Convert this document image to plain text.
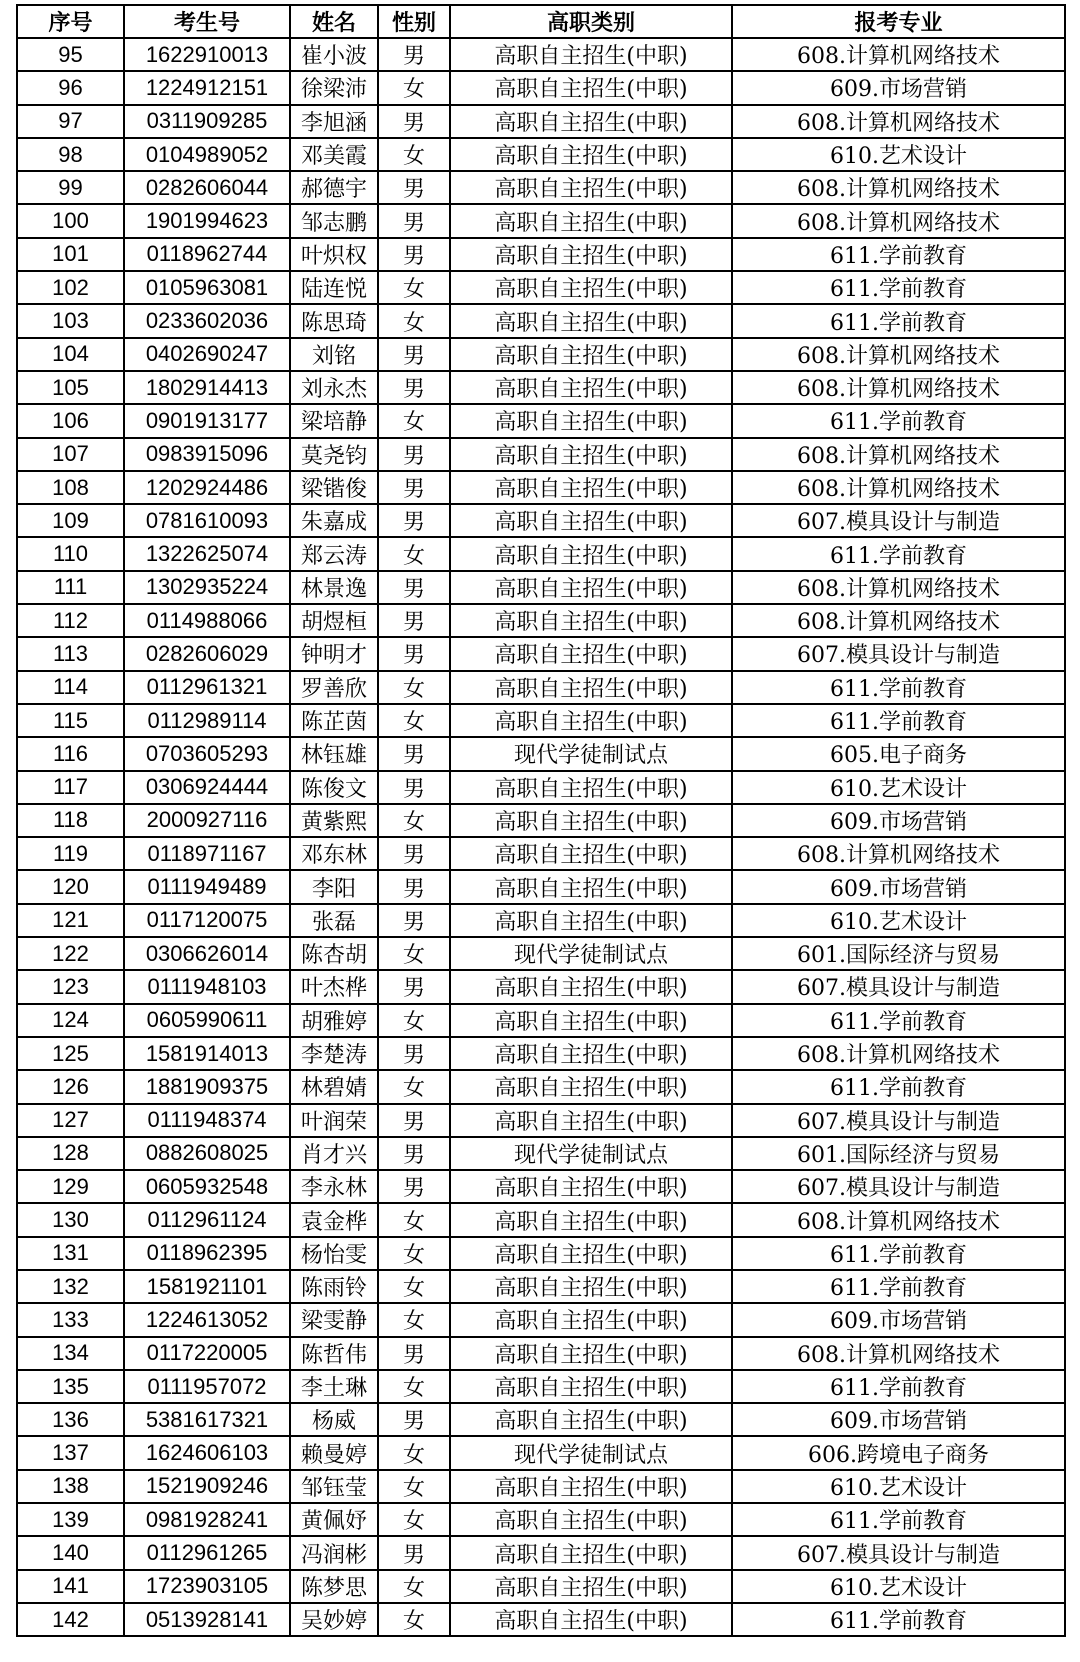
序号	考生号	姓名	性别	高职类别	报考专业
95	1622910013	崔小波	男	高职自主招生(中职)	608.计算机网络技术
96	1224912151	徐梁沛	女	高职自主招生(中职)	609.市场营销
97	0311909285	李旭涵	男	高职自主招生(中职)	608.计算机网络技术
98	0104989052	邓美霞	女	高职自主招生(中职)	610.艺术设计
99	0282606044	郝德宇	男	高职自主招生(中职)	608.计算机网络技术
100	1901994623	邹志鹏	男	高职自主招生(中职)	608.计算机网络技术
101	0118962744	叶炽权	男	高职自主招生(中职)	611.学前教育
102	0105963081	陆连悦	女	高职自主招生(中职)	611.学前教育
103	0233602036	陈思琦	女	高职自主招生(中职)	611.学前教育
104	0402690247	刘铭	男	高职自主招生(中职)	608.计算机网络技术
105	1802914413	刘永杰	男	高职自主招生(中职)	608.计算机网络技术
106	0901913177	梁培静	女	高职自主招生(中职)	611.学前教育
107	0983915096	莫尧钧	男	高职自主招生(中职)	608.计算机网络技术
108	1202924486	梁锴俊	男	高职自主招生(中职)	608.计算机网络技术
109	0781610093	朱嘉成	男	高职自主招生(中职)	607.模具设计与制造
110	1322625074	郑云涛	女	高职自主招生(中职)	611.学前教育
111	1302935224	林景逸	男	高职自主招生(中职)	608.计算机网络技术
112	0114988066	胡煜桓	男	高职自主招生(中职)	608.计算机网络技术
113	0282606029	钟明才	男	高职自主招生(中职)	607.模具设计与制造
114	0112961321	罗善欣	女	高职自主招生(中职)	611.学前教育
115	0112989114	陈芷茵	女	高职自主招生(中职)	611.学前教育
116	0703605293	林钰雄	男	现代学徒制试点	605.电子商务
117	0306924444	陈俊文	男	高职自主招生(中职)	610.艺术设计
118	2000927116	黄紫熙	女	高职自主招生(中职)	609.市场营销
119	0118971167	邓东林	男	高职自主招生(中职)	608.计算机网络技术
120	0111949489	李阳	男	高职自主招生(中职)	609.市场营销
121	0117120075	张磊	男	高职自主招生(中职)	610.艺术设计
122	0306626014	陈杏胡	女	现代学徒制试点	601.国际经济与贸易
123	0111948103	叶杰桦	男	高职自主招生(中职)	607.模具设计与制造
124	0605990611	胡雅婷	女	高职自主招生(中职)	611.学前教育
125	1581914013	李楚涛	男	高职自主招生(中职)	608.计算机网络技术
126	1881909375	林碧婧	女	高职自主招生(中职)	611.学前教育
127	0111948374	叶润荣	男	高职自主招生(中职)	607.模具设计与制造
128	0882608025	肖才兴	男	现代学徒制试点	601.国际经济与贸易
129	0605932548	李永林	男	高职自主招生(中职)	607.模具设计与制造
130	0112961124	袁金桦	女	高职自主招生(中职)	608.计算机网络技术
131	0118962395	杨怡雯	女	高职自主招生(中职)	611.学前教育
132	1581921101	陈雨铃	女	高职自主招生(中职)	611.学前教育
133	1224613052	梁雯静	女	高职自主招生(中职)	609.市场营销
134	0117220005	陈哲伟	男	高职自主招生(中职)	608.计算机网络技术
135	0111957072	李土琳	女	高职自主招生(中职)	611.学前教育
136	5381617321	杨威	男	高职自主招生(中职)	609.市场营销
137	1624606103	赖曼婷	女	现代学徒制试点	606.跨境电子商务
138	1521909246	邹钰莹	女	高职自主招生(中职)	610.艺术设计
139	0981928241	黄佩妤	女	高职自主招生(中职)	611.学前教育
140	0112961265	冯润彬	男	高职自主招生(中职)	607.模具设计与制造
141	1723903105	陈梦思	女	高职自主招生(中职)	610.艺术设计
142	0513928141	吴妙婷	女	高职自主招生(中职)	611.学前教育
